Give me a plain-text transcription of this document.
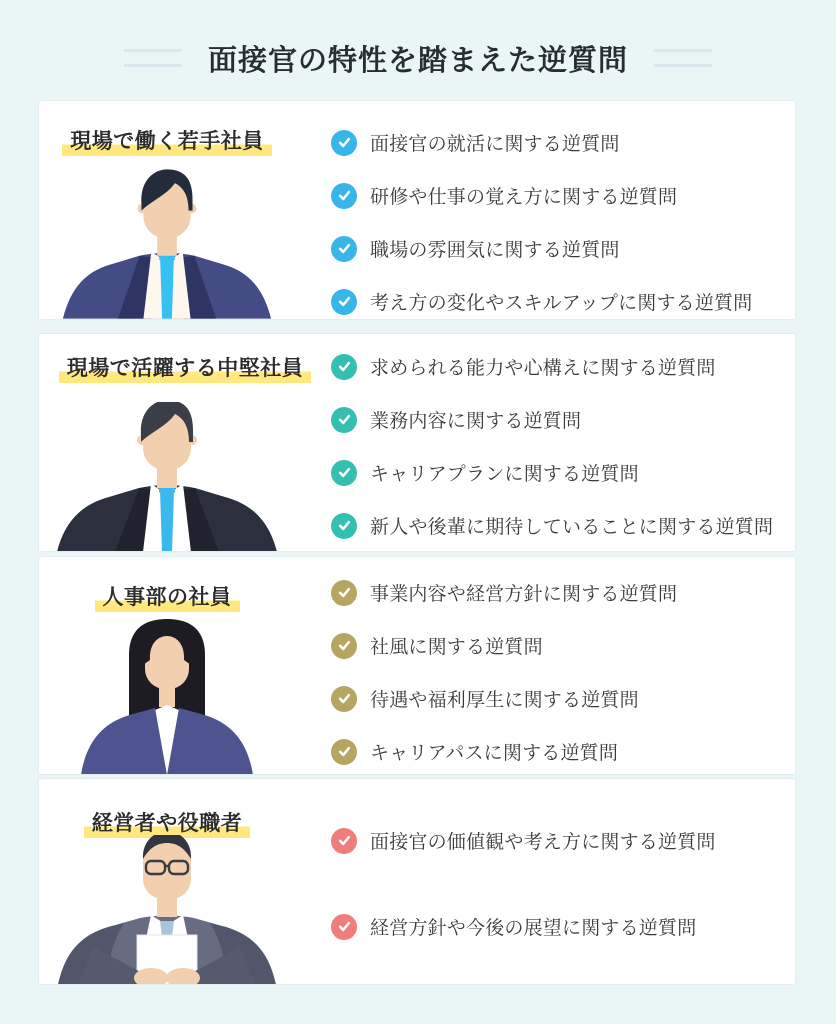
面接官の特性を踏まえた逆質問
現場で働く若手社員	面接官の就活に関する逆質問
研修や仕事の覚え方に関する逆質問
職場の雰囲気に関する逆質問
考え方の変化やスキルアップに関する逆質問
現場で活躍する中堅社員	求められる能力や心構えに関する逆質問
業務内容に関する逆質問
キャリアプランに関する逆質問
新人や後輩に期待していることに関する逆質問
人事部の社員	事業内容や経営方針に関する逆質問
社風に関する逆質問
待遇や福利厚生に関する逆質問
キャリアパスに関する逆質問
経営者や役職者
面接官の価値観や考え方に関する逆質問
経営方針や今後の展望に関する逆質問
